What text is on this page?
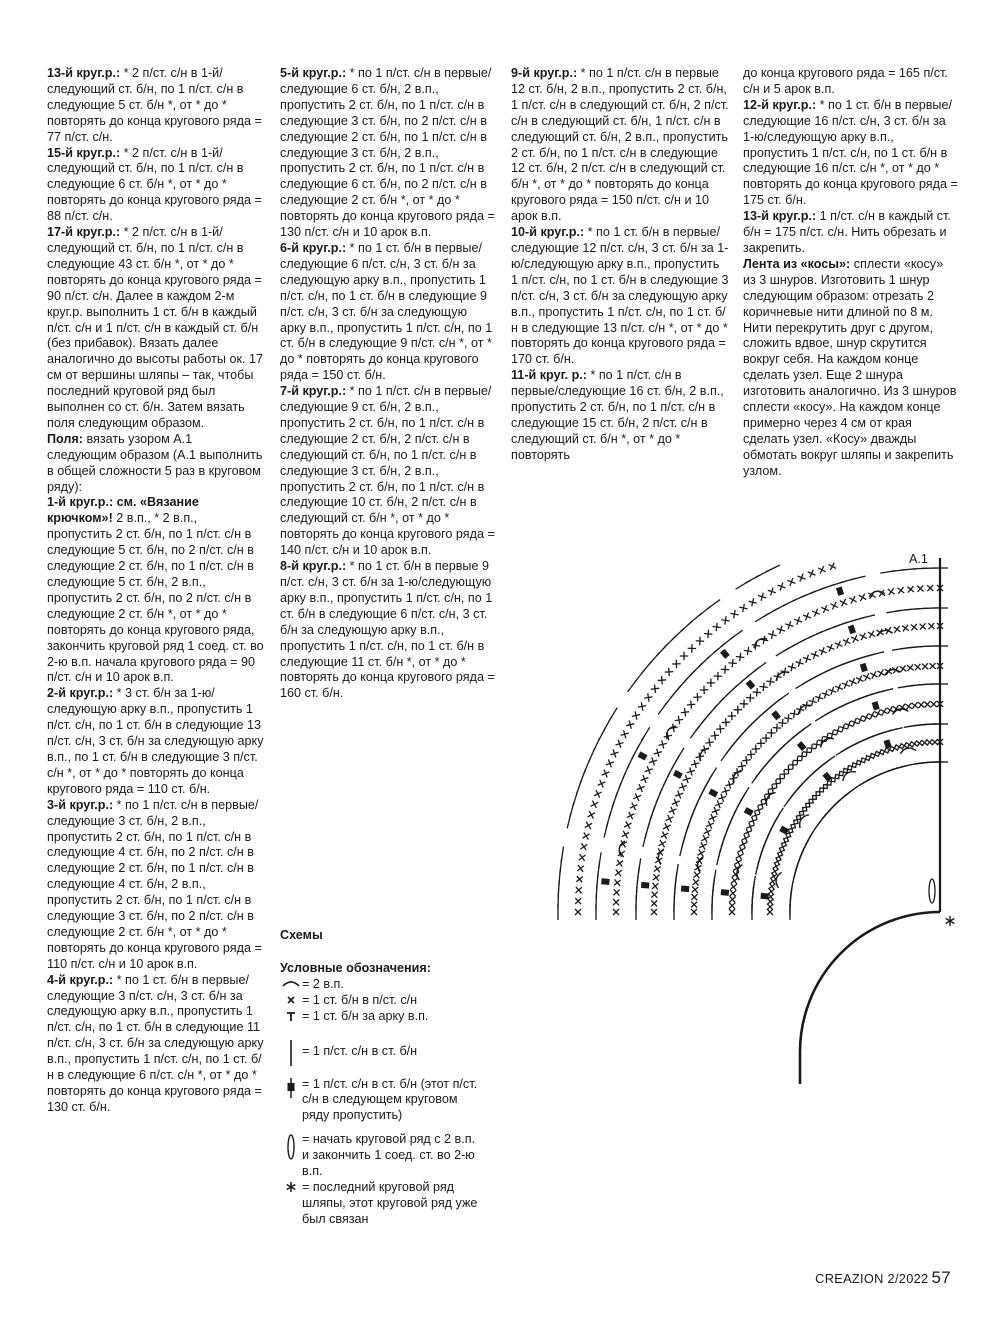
13-й круг.р.: * 2 п/ст. с/н в 1-й/следующий ст. б/н, по 1 п/ст. с/н в следующие 5 ст. б/н *, от * до * повторять до конца кругового ряда = 77 п/ст. с/н.

15-й круг.р.: * 2 п/ст. с/н в 1-й/следующий ст. б/н, по 1 п/ст. с/н в следующие 6 ст. б/н *, от * до * повторять до конца кругового ряда = 88 п/ст. с/н.

17-й круг.р.: * 2 п/ст. с/н в 1-й/следующий ст. б/н, по 1 п/ст. с/н в следующие 43 ст. б/н *, от * до * повторять до конца кругового ряда = 90 п/ст. с/н. Далее в каждом 2-м круг.р. выполнить 1 ст. б/н в каждый п/ст. с/н и 1 п/ст. с/н в каждый ст. б/н (без прибавок). Вязать далее аналогично до высоты работы ок. 17 см от вершины шляпы – так, чтобы последний круговой ряд был выполнен со ст. б/н. Затем вязать поля следующим образом.

Поля: вязать узором А.1 следующим образом (А.1 выполнить в общей сложности 5 раз в круговом ряду):

1-й круг.р.: см. «Вязание крючком»! 2 в.п., * 2 в.п., пропустить 2 ст. б/н, по 1 п/ст. с/н в следующие 5 ст. б/н, по 2 п/ст. с/н в следующие 2 ст. б/н, по 1 п/ст. с/н в следующие 5 ст. б/н, 2 в.п., пропустить 2 ст. б/н, по 2 п/ст. с/н в следующие 2 ст. б/н *, от * до * повторять до конца кругового ряда, закончить круговой ряд 1 соед. ст. во 2-ю в.п. начала кругового ряда = 90 п/ст. с/н и 10 арок в.п.

2-й круг.р.: * 3 ст. б/н за 1-ю/следующую арку в.п., пропустить 1 п/ст. с/н, по 1 ст. б/н в следующие 13 п/ст. с/н, 3 ст. б/н за следующую арку в.п., по 1 ст. б/н в следующие 3 п/ст. с/н *, от * до * повторять до конца кругового ряда = 110 ст. б/н.

3-й круг.р.: * по 1 п/ст. с/н в первые/следующие 3 ст. б/н, 2 в.п., пропустить 2 ст. б/н, по 1 п/ст. с/н в следующие 4 ст. б/н, по 2 п/ст. с/н в следующие 2 ст. б/н, по 1 п/ст. с/н в следующие 4 ст. б/н, 2 в.п., пропустить 2 ст. б/н, по 1 п/ст. с/н в следующие 3 ст. б/н, по 2 п/ст. с/н в следующие 2 ст. б/н *, от * до * повторять до конца кругового ряда = 110 п/ст. с/н и 10 арок в.п.

4-й круг.р.: * по 1 ст. б/н в первые/следующие 3 п/ст. с/н, 3 ст. б/н за следующую арку в.п., пропустить 1 п/ст. с/н, по 1 ст. б/н в следующие 11 п/ст. с/н, 3 ст. б/н за следующую арку в.п., пропустить 1 п/ст. с/н, по 1 ст. б/н в следующие 6 п/ст. с/н *, от * до * повторять до конца кругового ряда = 130 ст. б/н.

5-й круг.р.: * по 1 п/ст. с/н в первые/следующие 6 ст. б/н, 2 в.п., пропустить 2 ст. б/н, по 1 п/ст. с/н в следующие 3 ст. б/н, по 2 п/ст. с/н в следующие 2 ст. б/н, по 1 п/ст. с/н в следующие 3 ст. б/н, 2 в.п., пропустить 2 ст. б/н, по 1 п/ст. с/н в следующие 6 ст. б/н, по 2 п/ст. с/н в следующие 2 ст. б/н *, от * до * повторять до конца кругового ряда = 130 п/ст. с/н и 10 арок в.п.

6-й круг.р.: * по 1 ст. б/н в первые/следующие 6 п/ст. с/н, 3 ст. б/н за следующую арку в.п., пропустить 1 п/ст. с/н, по 1 ст. б/н в следующие 9 п/ст. с/н, 3 ст. б/н за следующую арку в.п., пропустить 1 п/ст. с/н, по 1 ст. б/н в следующие 9 п/ст. с/н *, от * до * повторять до конца кругового ряда = 150 ст. б/н.

7-й круг.р.: * по 1 п/ст. с/н в первые/следующие 9 ст. б/н, 2 в.п., пропустить 2 ст. б/н, по 1 п/ст. с/н в следующие 2 ст. б/н, 2 п/ст. с/н в следующий ст. б/н, по 1 п/ст. с/н в следующие 3 ст. б/н, 2 в.п., пропустить 2 ст. б/н, по 1 п/ст. с/н в следующие 10 ст. б/н, 2 п/ст. с/н в следующий ст. б/н *, от * до * повторять до конца кругового ряда = 140 п/ст. с/н и 10 арок в.п.

8-й круг.р.: * по 1 ст. б/н в первые 9 п/ст. с/н, 3 ст. б/н за 1-ю/следующую арку в.п., пропустить 1 п/ст. с/н, по 1 ст. б/н в следующие 6 п/ст. с/н, 3 ст. б/н за следующую арку в.п., пропустить 1 п/ст. с/н, по 1 ст. б/н в следующие 11 ст. б/н *, от * до * повторять до конца кругового ряда = 160 ст. б/н.

9-й круг.р.: * по 1 п/ст. с/н в первые 12 ст. б/н, 2 в.п., пропустить 2 ст. б/н, 1 п/ст. с/н в следующий ст. б/н, 2 п/ст. с/н в следующий ст. б/н, 1 п/ст. с/н в следующий ст. б/н, 2 в.п., пропустить 2 ст. б/н, по 1 п/ст. с/н в следующие 12 ст. б/н, 2 п/ст. с/н в следующий ст. б/н *, от * до * повторять до конца кругового ряда = 150 п/ст. с/н и 10 арок в.п.

10-й круг.р.: * по 1 ст. б/н в первые/следующие 12 п/ст. с/н, 3 ст. б/н за 1-ю/следующую арку в.п., пропустить 1 п/ст. с/н, по 1 ст. б/н в следующие 3 п/ст. с/н, 3 ст. б/н за следующую арку в.п., пропустить 1 п/ст. с/н, по 1 ст. б/н в следующие 13 п/ст. с/н *, от * до * повторять до конца кругового ряда = 170 ст. б/н.

11-й круг. р.: * по 1 п/ст. с/н в первые/следующие 16 ст. б/н, 2 в.п., пропустить 2 ст. б/н, по 1 п/ст. с/н в следующие 15 ст. б/н, 2 п/ст. с/н в следующий ст. б/н *, от * до * повторять

до конца кругового ряда = 165 п/ст. с/н и 5 арок в.п.

12-й круг.р.: * по 1 ст. б/н в первые/следующие 16 п/ст. с/н, 3 ст. б/н за 1-ю/следующую арку в.п., пропустить 1 п/ст. с/н, по 1 ст. б/н в следующие 16 п/ст. с/н *, от * до * повторять до конца кругового ряда = 175 ст. б/н.

13-й круг.р.: 1 п/ст. с/н в каждый ст. б/н = 175 п/ст. с/н. Нить обрезать и закрепить.

Лента из «косы»: сплести «косу» из 3 шнуров. Изготовить 1 шнур следующим образом: отрезать 2 коричневые нити длиной по 8 м. Нити перекрутить друг с другом, сложить вдвое, шнур скрутится вокруг себя. На каждом конце сделать узел. Еще 2 шнура изготовить аналогично. Из 3 шнуров сплести «косу». На каждом конце примерно через 4 см от края сделать узел. «Косу» дважды обмотать вокруг шляпы и закрепить узлом.

Схемы

Условные обозначения:

= 2 в.п.
= 1 ст. б/н в п/ст. с/н
= 1 ст. б/н за арку в.п.
= 1 п/ст. с/н в ст. б/н
= 1 п/ст. с/н в ст. б/н (этот п/ст. с/н в следующем круговом ряду пропустить)
= начать круговой ряд с 2 в.п. и закончить 1 соед. ст. во 2-ю в.п.
= последний круговой ряд шляпы, этот круговой ряд уже был связан
А.1
CREAZION 2/2022 57
